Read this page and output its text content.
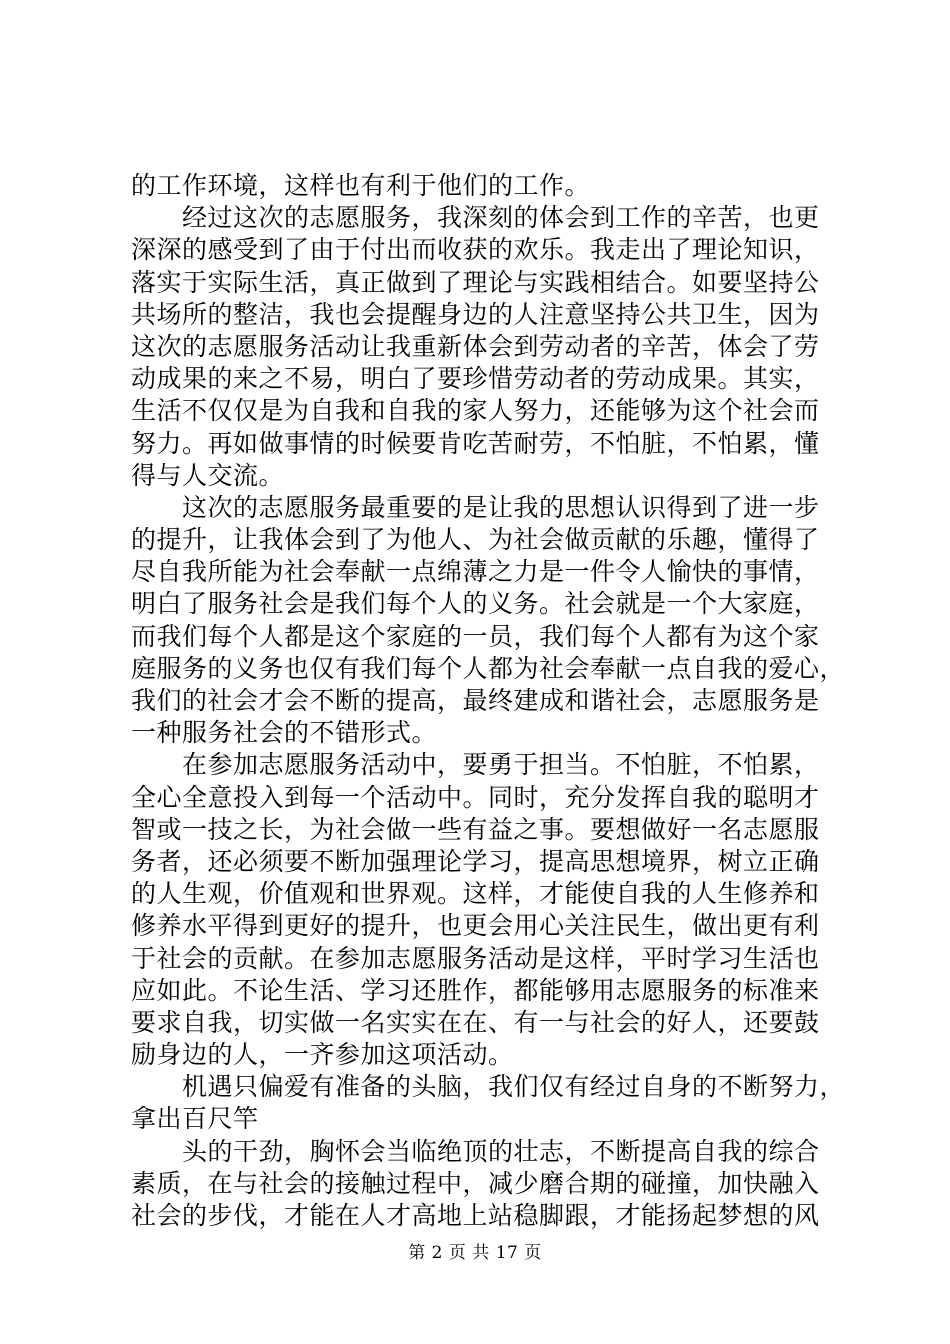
的工作环境，这样也有利于他们的工作。
　　经过这次的志愿服务，我深刻的体会到工作的辛苦，也更
深深的感受到了由于付出而收获的欢乐。我走出了理论知识，
落实于实际生活，真正做到了理论与实践相结合。如要坚持公
共场所的整洁，我也会提醒身边的人注意坚持公共卫生，因为
这次的志愿服务活动让我重新体会到劳动者的辛苦，体会了劳
动成果的来之不易，明白了要珍惜劳动者的劳动成果。其实，
生活不仅仅是为自我和自我的家人努力，还能够为这个社会而
努力。再如做事情的时候要肯吃苦耐劳，不怕脏，不怕累，懂
得与人交流。
　　这次的志愿服务最重要的是让我的思想认识得到了进一步
的提升，让我体会到了为他人、为社会做贡献的乐趣，懂得了
尽自我所能为社会奉献一点绵薄之力是一件令人愉快的事情，
明白了服务社会是我们每个人的义务。社会就是一个大家庭，
而我们每个人都是这个家庭的一员，我们每个人都有为这个家
庭服务的义务也仅有我们每个人都为社会奉献一点自我的爱心，
我们的社会才会不断的提高，最终建成和谐社会，志愿服务是
一种服务社会的不错形式。
　　在参加志愿服务活动中，要勇于担当。不怕脏，不怕累，
全心全意投入到每一个活动中。同时，充分发挥自我的聪明才
智或一技之长，为社会做一些有益之事。要想做好一名志愿服
务者，还必须要不断加强理论学习，提高思想境界，树立正确
的人生观，价值观和世界观。这样，才能使自我的人生修养和
修养水平得到更好的提升，也更会用心关注民生，做出更有利
于社会的贡献。在参加志愿服务活动是这样，平时学习生活也
应如此。不论生活、学习还胜作，都能够用志愿服务的标准来
要求自我，切实做一名实实在在、有一与社会的好人，还要鼓
励身边的人，一齐参加这项活动。
　　机遇只偏爱有准备的头脑，我们仅有经过自身的不断努力，
拿出百尺竿
　　头的干劲，胸怀会当临绝顶的壮志，不断提高自我的综合
素质，在与社会的接触过程中，减少磨合期的碰撞，加快融入
社会的步伐，才能在人才高地上站稳脚跟，才能扬起梦想的风
第 2 页 共 17 页
